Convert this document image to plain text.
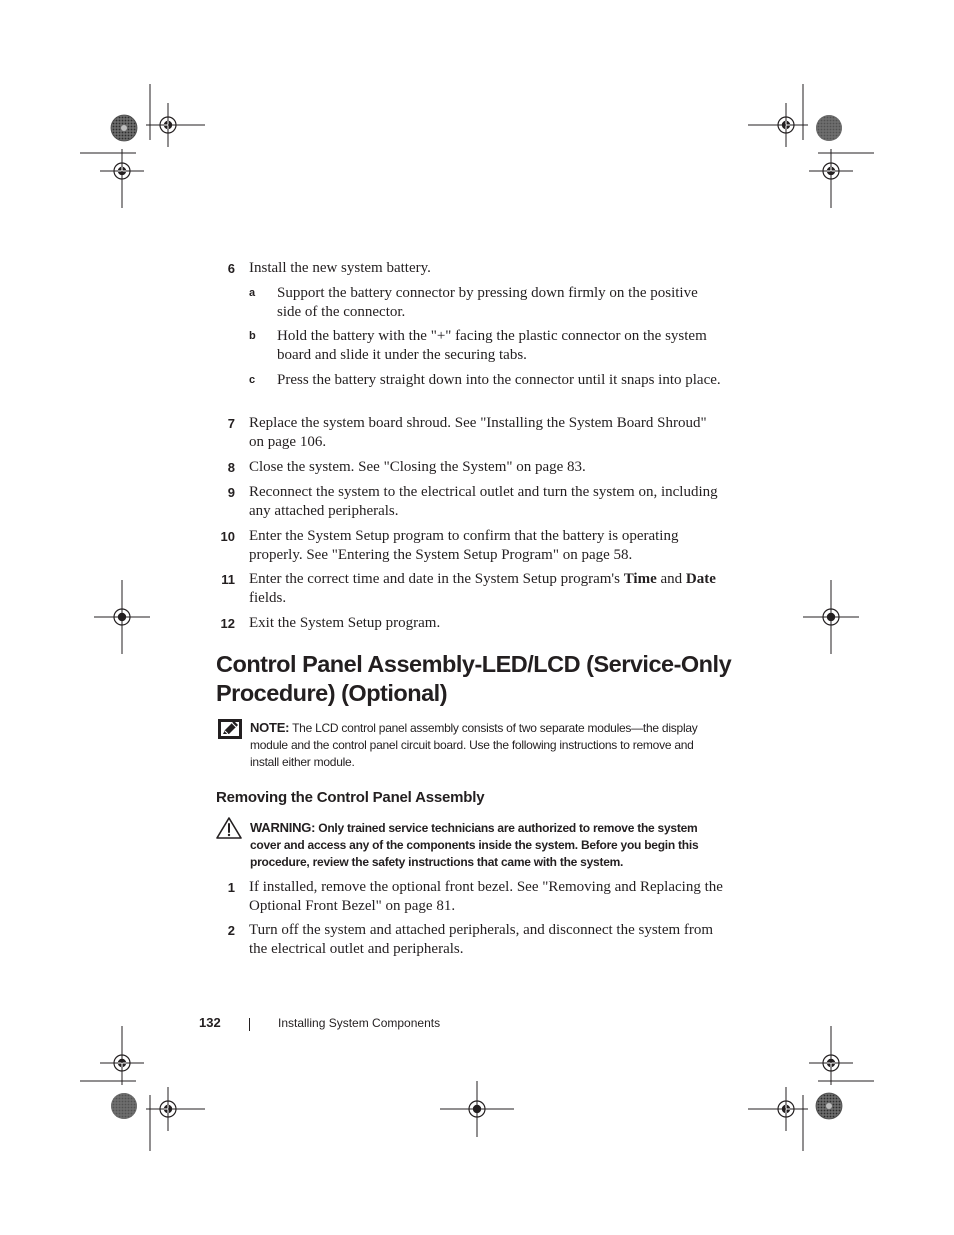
6 Install the new system battery.
a	Support the battery connector by pressing down firmly on the positive side of the connector.
b	Hold the battery with the "+" facing the plastic connector on the system board and slide it under the securing tabs.
c	Press the battery straight down into the connector until it snaps into place.
7 Replace the system board shroud. See "Installing the System Board Shroud" on page 106.
8 Close the system. See "Closing the System" on page 83.
9 Reconnect the system to the electrical outlet and turn the system on, including any attached peripherals.
10 Enter the System Setup program to confirm that the battery is operating properly. See "Entering the System Setup Program" on page 58.
11 Enter the correct time and date in the System Setup program's Time and Date fields.
12 Exit the System Setup program.
Control Panel Assembly-LED/LCD (Service-Only Procedure) (Optional)
NOTE: The LCD control panel assembly consists of two separate modules—the display module and the control panel circuit board. Use the following instructions to remove and install either module.
Removing the Control Panel Assembly
WARNING: Only trained service technicians are authorized to remove the system cover and access any of the components inside the system. Before you begin this procedure, review the safety instructions that came with the system.
1 If installed, remove the optional front bezel. See "Removing and Replacing the Optional Front Bezel" on page 81.
2 Turn off the system and attached peripherals, and disconnect the system from the electrical outlet and peripherals.
132	Installing System Components
